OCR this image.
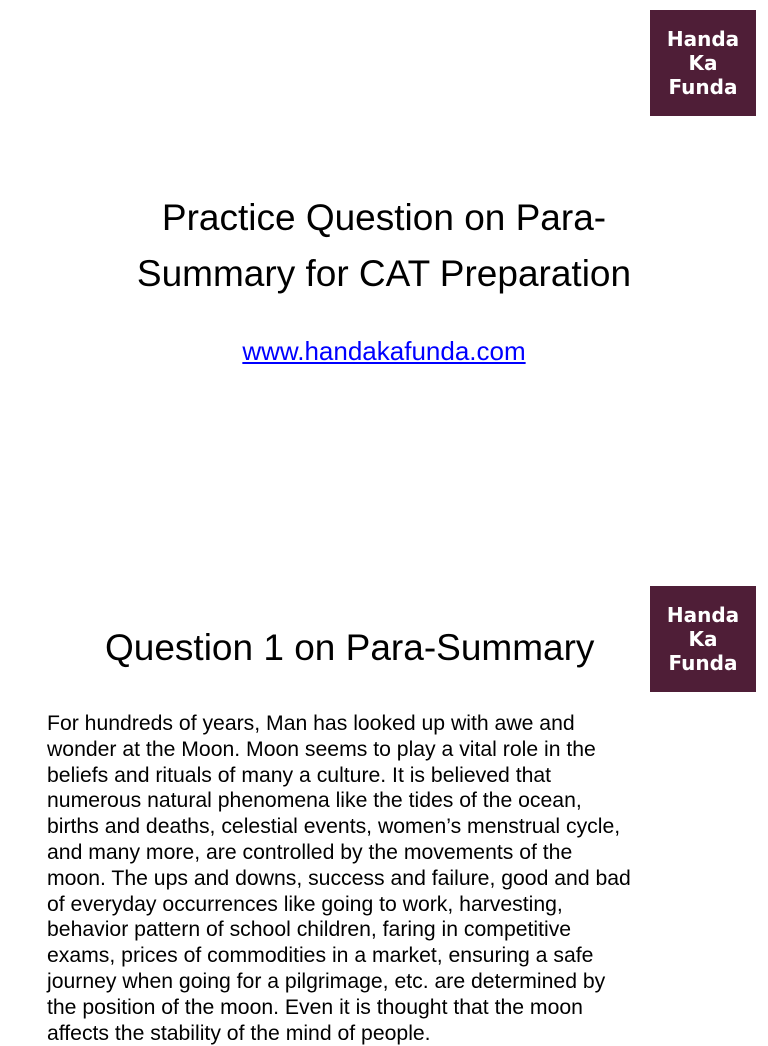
Handa
Ka
Funda
Practice Question on Para-
Summary for CAT Preparation
www.handakafunda.com
Handa
Ka
Funda
Question 1 on Para-Summary

For hundreds of years, Man has looked up with awe and
wonder at the Moon. Moon seems to play a vital role in the
beliefs and rituals of many a culture. It is believed that
numerous natural phenomena like the tides of the ocean,
births and deaths, celestial events, women’s menstrual cycle,
and many more, are controlled by the movements of the
moon. The ups and downs, success and failure, good and bad
of everyday occurrences like going to work, harvesting,
behavior pattern of school children, faring in competitive
exams, prices of commodities in a market, ensuring a safe
journey when going for a pilgrimage, etc. are determined by
the position of the moon. Even it is thought that the moon
affects the stability of the mind of people.
